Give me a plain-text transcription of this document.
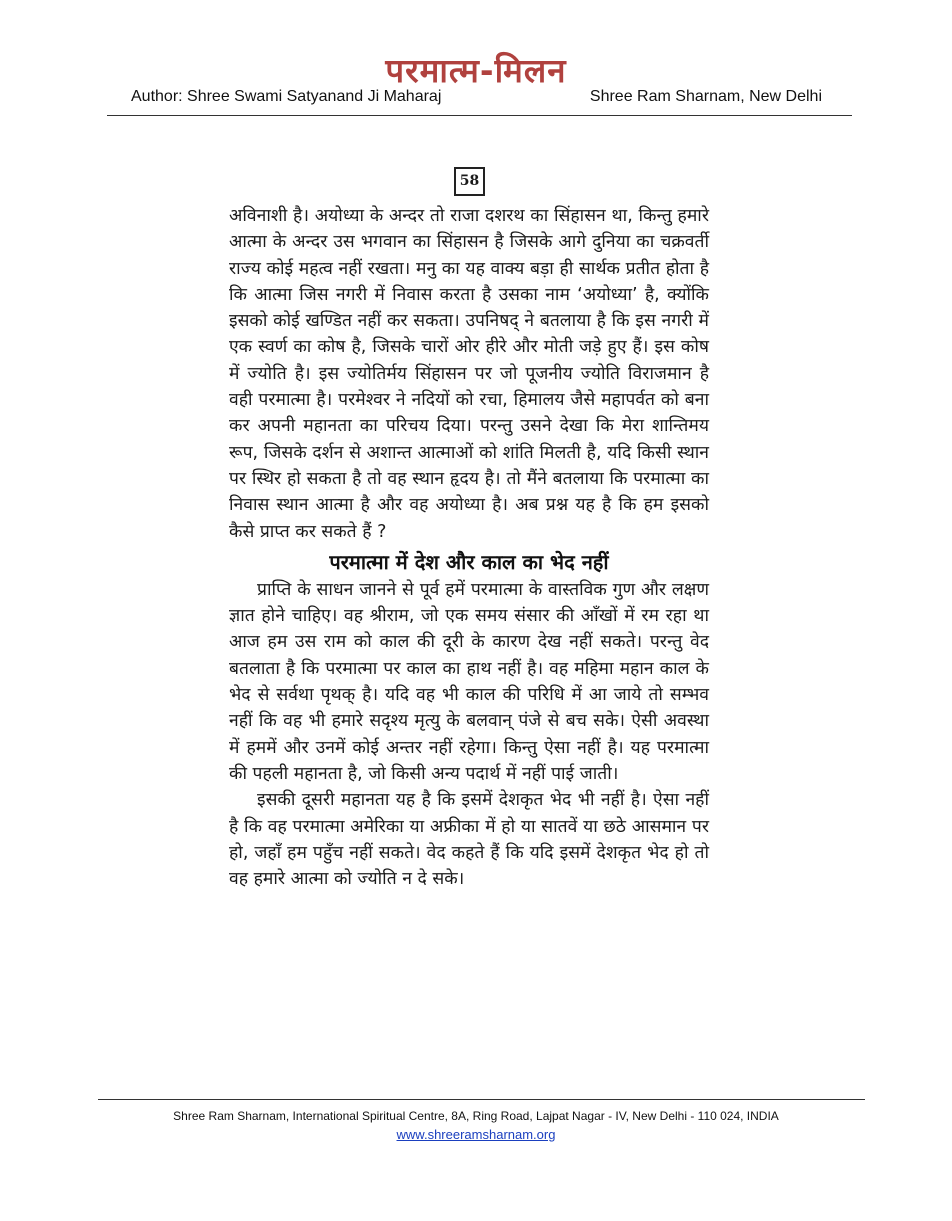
परमात्म-मिलन
Author: Shree Swami Satyanand Ji Maharaj	Shree Ram Sharnam, New Delhi
58

अविनाशी है। अयोध्या के अन्दर तो राजा दशरथ का सिंहासन था, किन्तु हमारे आत्मा के अन्दर उस भगवान का सिंहासन है जिसके आगे दुनिया का चक्रवर्ती राज्य कोई महत्व नहीं रखता। मनु का यह वाक्य बड़ा ही सार्थक प्रतीत होता है कि आत्मा जिस नगरी में निवास करता है उसका नाम ‘अयोध्या’ है, क्योंकि इसको कोई खण्डित नहीं कर सकता। उपनिषद् ने बतलाया है कि इस नगरी में एक स्वर्ण का कोष है, जिसके चारों ओर हीरे और मोती जड़े हुए हैं। इस कोष में ज्योति है। इस ज्योतिर्मय सिंहासन पर जो पूजनीय ज्योति विराजमान है वही परमात्मा है। परमेश्वर ने नदियों को रचा, हिमालय जैसे महापर्वत को बना कर अपनी महानता का परिचय दिया। परन्तु उसने देखा कि मेरा शान्तिमय रूप, जिसके दर्शन से अशान्त आत्माओं को शांति मिलती है, यदि किसी स्थान पर स्थिर हो सकता है तो वह स्थान हृदय है। तो मैंने बतलाया कि परमात्मा का निवास स्थान आत्मा है और वह अयोध्या है। अब प्रश्न यह है कि हम इसको कैसे प्राप्त कर सकते हैं ?

परमात्मा में देश और काल का भेद नहीं

प्राप्ति के साधन जानने से पूर्व हमें परमात्मा के वास्तविक गुण और लक्षण ज्ञात होने चाहिए। वह श्रीराम, जो एक समय संसार की आँखों में रम रहा था आज हम उस राम को काल की दूरी के कारण देख नहीं सकते। परन्तु वेद बतलाता है कि परमात्मा पर काल का हाथ नहीं है। वह महिमा महान काल के भेद से सर्वथा पृथक् है। यदि वह भी काल की परिधि में आ जाये तो सम्भव नहीं कि वह भी हमारे सदृश्य मृत्यु के बलवान् पंजे से बच सके। ऐसी अवस्था में हममें और उनमें कोई अन्तर नहीं रहेगा। किन्तु ऐसा नहीं है। यह परमात्मा की पहली महानता है, जो किसी अन्य पदार्थ में नहीं पाई जाती।

इसकी दूसरी महानता यह है कि इसमें देशकृत भेद भी नहीं है। ऐसा नहीं है कि वह परमात्मा अमेरिका या अफ्रीका में हो या सातवें या छठे आसमान पर हो, जहाँ हम पहुँच नहीं सकते। वेद कहते हैं कि यदि इसमें देशकृत भेद हो तो वह हमारे आत्मा को ज्योति न दे सके।

Shree Ram Sharnam, International Spiritual Centre, 8A, Ring Road, Lajpat Nagar - IV, New Delhi - 110 024, INDIA
www.shreeramsharnam.org
